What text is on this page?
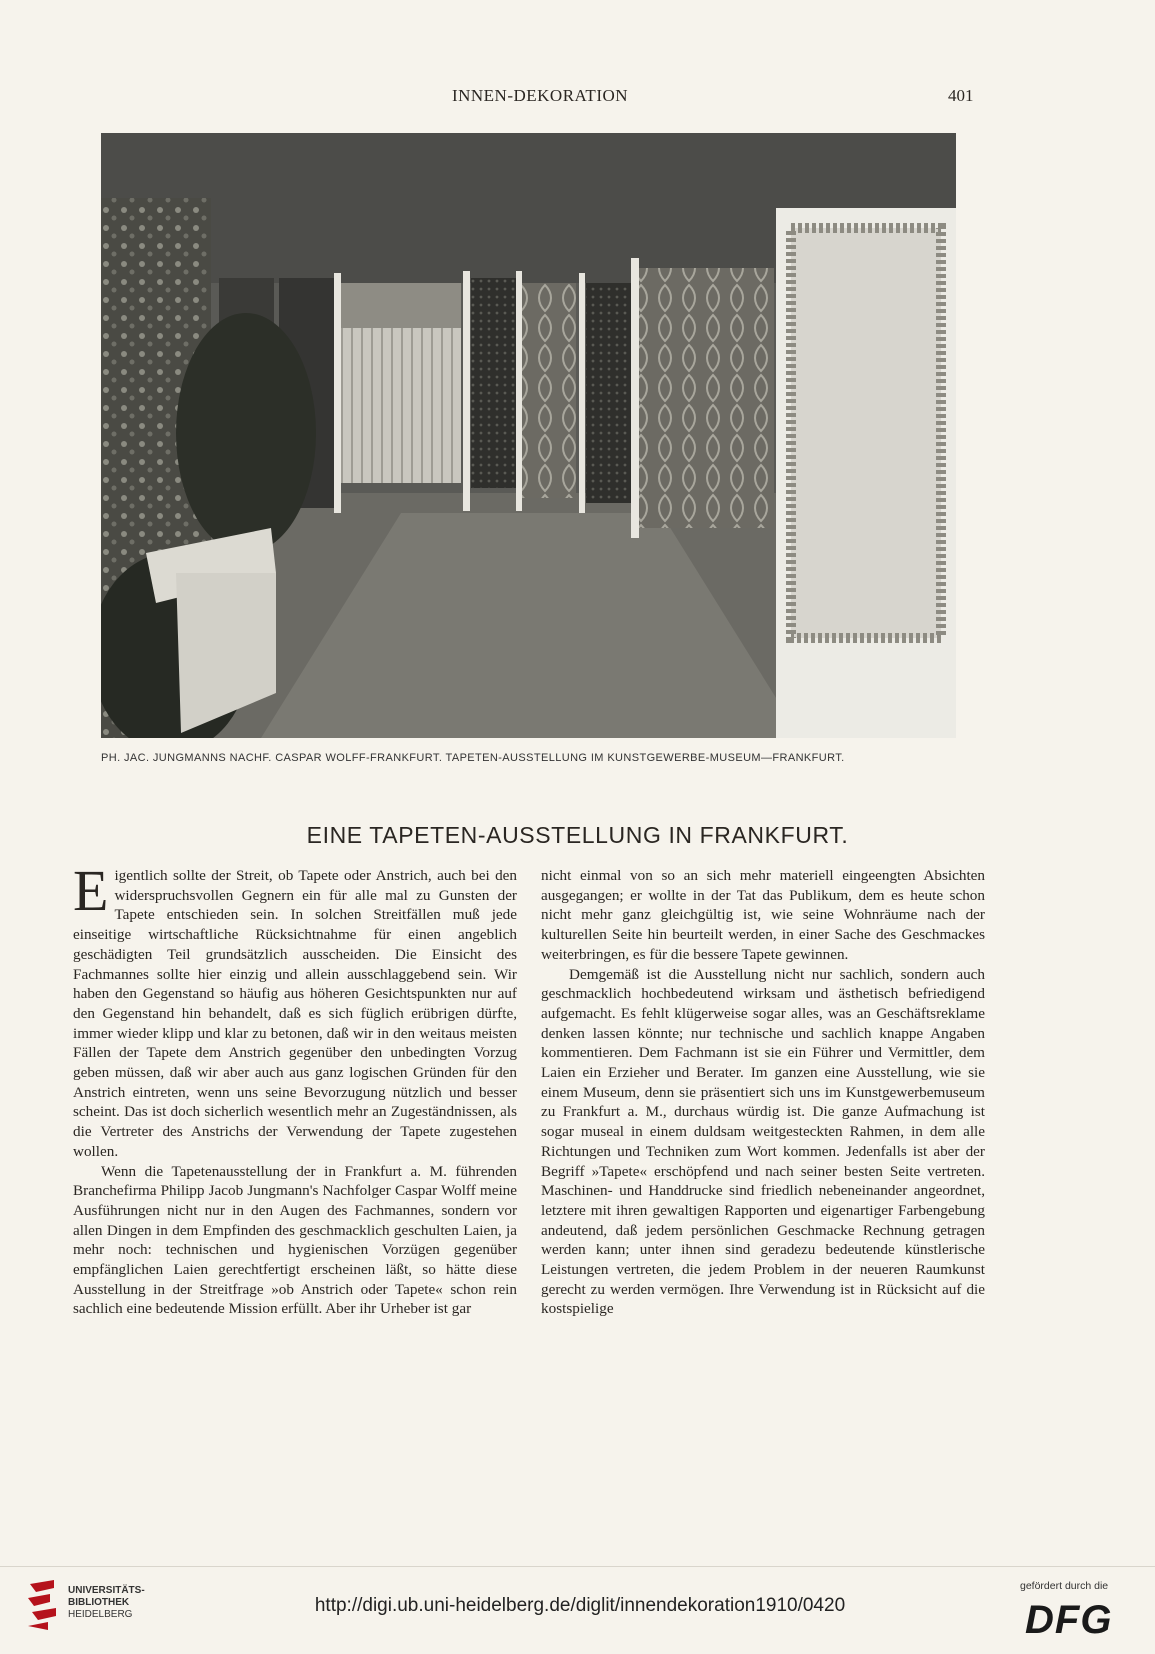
INNEN-DEKORATION	401
PH. JAC. JUNGMANNS NACHF. CASPAR WOLFF-FRANKFURT. TAPETEN-AUSSTELLUNG IM KUNSTGEWERBE-MUSEUM—FRANKFURT.
EINE TAPETEN-AUSSTELLUNG IN FRANKFURT.

Eigentlich sollte der Streit, ob Tapete oder Anstrich, auch bei den widerspruchsvollen Gegnern ein für alle mal zu Gunsten der Tapete entschieden sein. In solchen Streitfällen muß jede einseitige wirtschaftliche Rücksichtnahme für einen angeblich geschädigten Teil grundsätzlich ausscheiden. Die Einsicht des Fachmannes sollte hier einzig und allein ausschlaggebend sein. Wir haben den Gegenstand so häufig aus höheren Gesichtspunkten nur auf den Gegenstand hin behandelt, daß es sich füglich erübrigen dürfte, immer wieder klipp und klar zu betonen, daß wir in den weitaus meisten Fällen der Tapete dem Anstrich gegenüber den unbedingten Vorzug geben müssen, daß wir aber auch aus ganz logischen Gründen für den Anstrich eintreten, wenn uns seine Bevorzugung nützlich und besser scheint. Das ist doch sicherlich wesentlich mehr an Zugeständnissen, als die Vertreter des Anstrichs der Verwendung der Tapete zugestehen wollen.

Wenn die Tapetenausstellung der in Frankfurt a. M. führenden Branchefirma Philipp Jacob Jungmann's Nachfolger Caspar Wolff meine Ausführungen nicht nur in den Augen des Fachmannes, sondern vor allen Dingen in dem Empfinden des geschmacklich geschulten Laien, ja mehr noch: technischen und hygienischen Vorzügen gegenüber empfänglichen Laien gerechtfertigt erscheinen läßt, so hätte diese Ausstellung in der Streitfrage »ob Anstrich oder Tapete« schon rein sachlich eine bedeutende Mission erfüllt. Aber ihr Urheber ist gar

nicht einmal von so an sich mehr materiell eingeengten Absichten ausgegangen; er wollte in der Tat das Publikum, dem es heute schon nicht mehr ganz gleichgültig ist, wie seine Wohnräume nach der kulturellen Seite hin beurteilt werden, in einer Sache des Geschmackes weiterbringen, es für die bessere Tapete gewinnen.

Demgemäß ist die Ausstellung nicht nur sachlich, sondern auch geschmacklich hochbedeutend wirksam und ästhetisch befriedigend aufgemacht. Es fehlt klügerweise sogar alles, was an Geschäftsreklame denken lassen könnte; nur technische und sachlich knappe Angaben kommentieren. Dem Fachmann ist sie ein Führer und Vermittler, dem Laien ein Erzieher und Berater. Im ganzen eine Ausstellung, wie sie einem Museum, denn sie präsentiert sich uns im Kunstgewerbemuseum zu Frankfurt a. M., durchaus würdig ist. Die ganze Aufmachung ist sogar museal in einem duldsam weitgesteckten Rahmen, in dem alle Richtungen und Techniken zum Wort kommen. Jedenfalls ist aber der Begriff »Tapete« erschöpfend und nach seiner besten Seite vertreten. Maschinen- und Handdrucke sind friedlich nebeneinander angeordnet, letztere mit ihren gewaltigen Rapporten und eigenartiger Farbengebung andeutend, daß jedem persönlichen Geschmacke Rechnung getragen werden kann; unter ihnen sind geradezu bedeutende künstlerische Leistungen vertreten, die jedem Problem in der neueren Raumkunst gerecht zu werden vermögen. Ihre Verwendung ist in Rücksicht auf die kostspielige

UNIVERSITÄTS-
BIBLIOTHEK
HEIDELBERG	http://digi.ub.uni-heidelberg.de/diglit/innendekoration1910/0420
gefördert durch die
DFG
